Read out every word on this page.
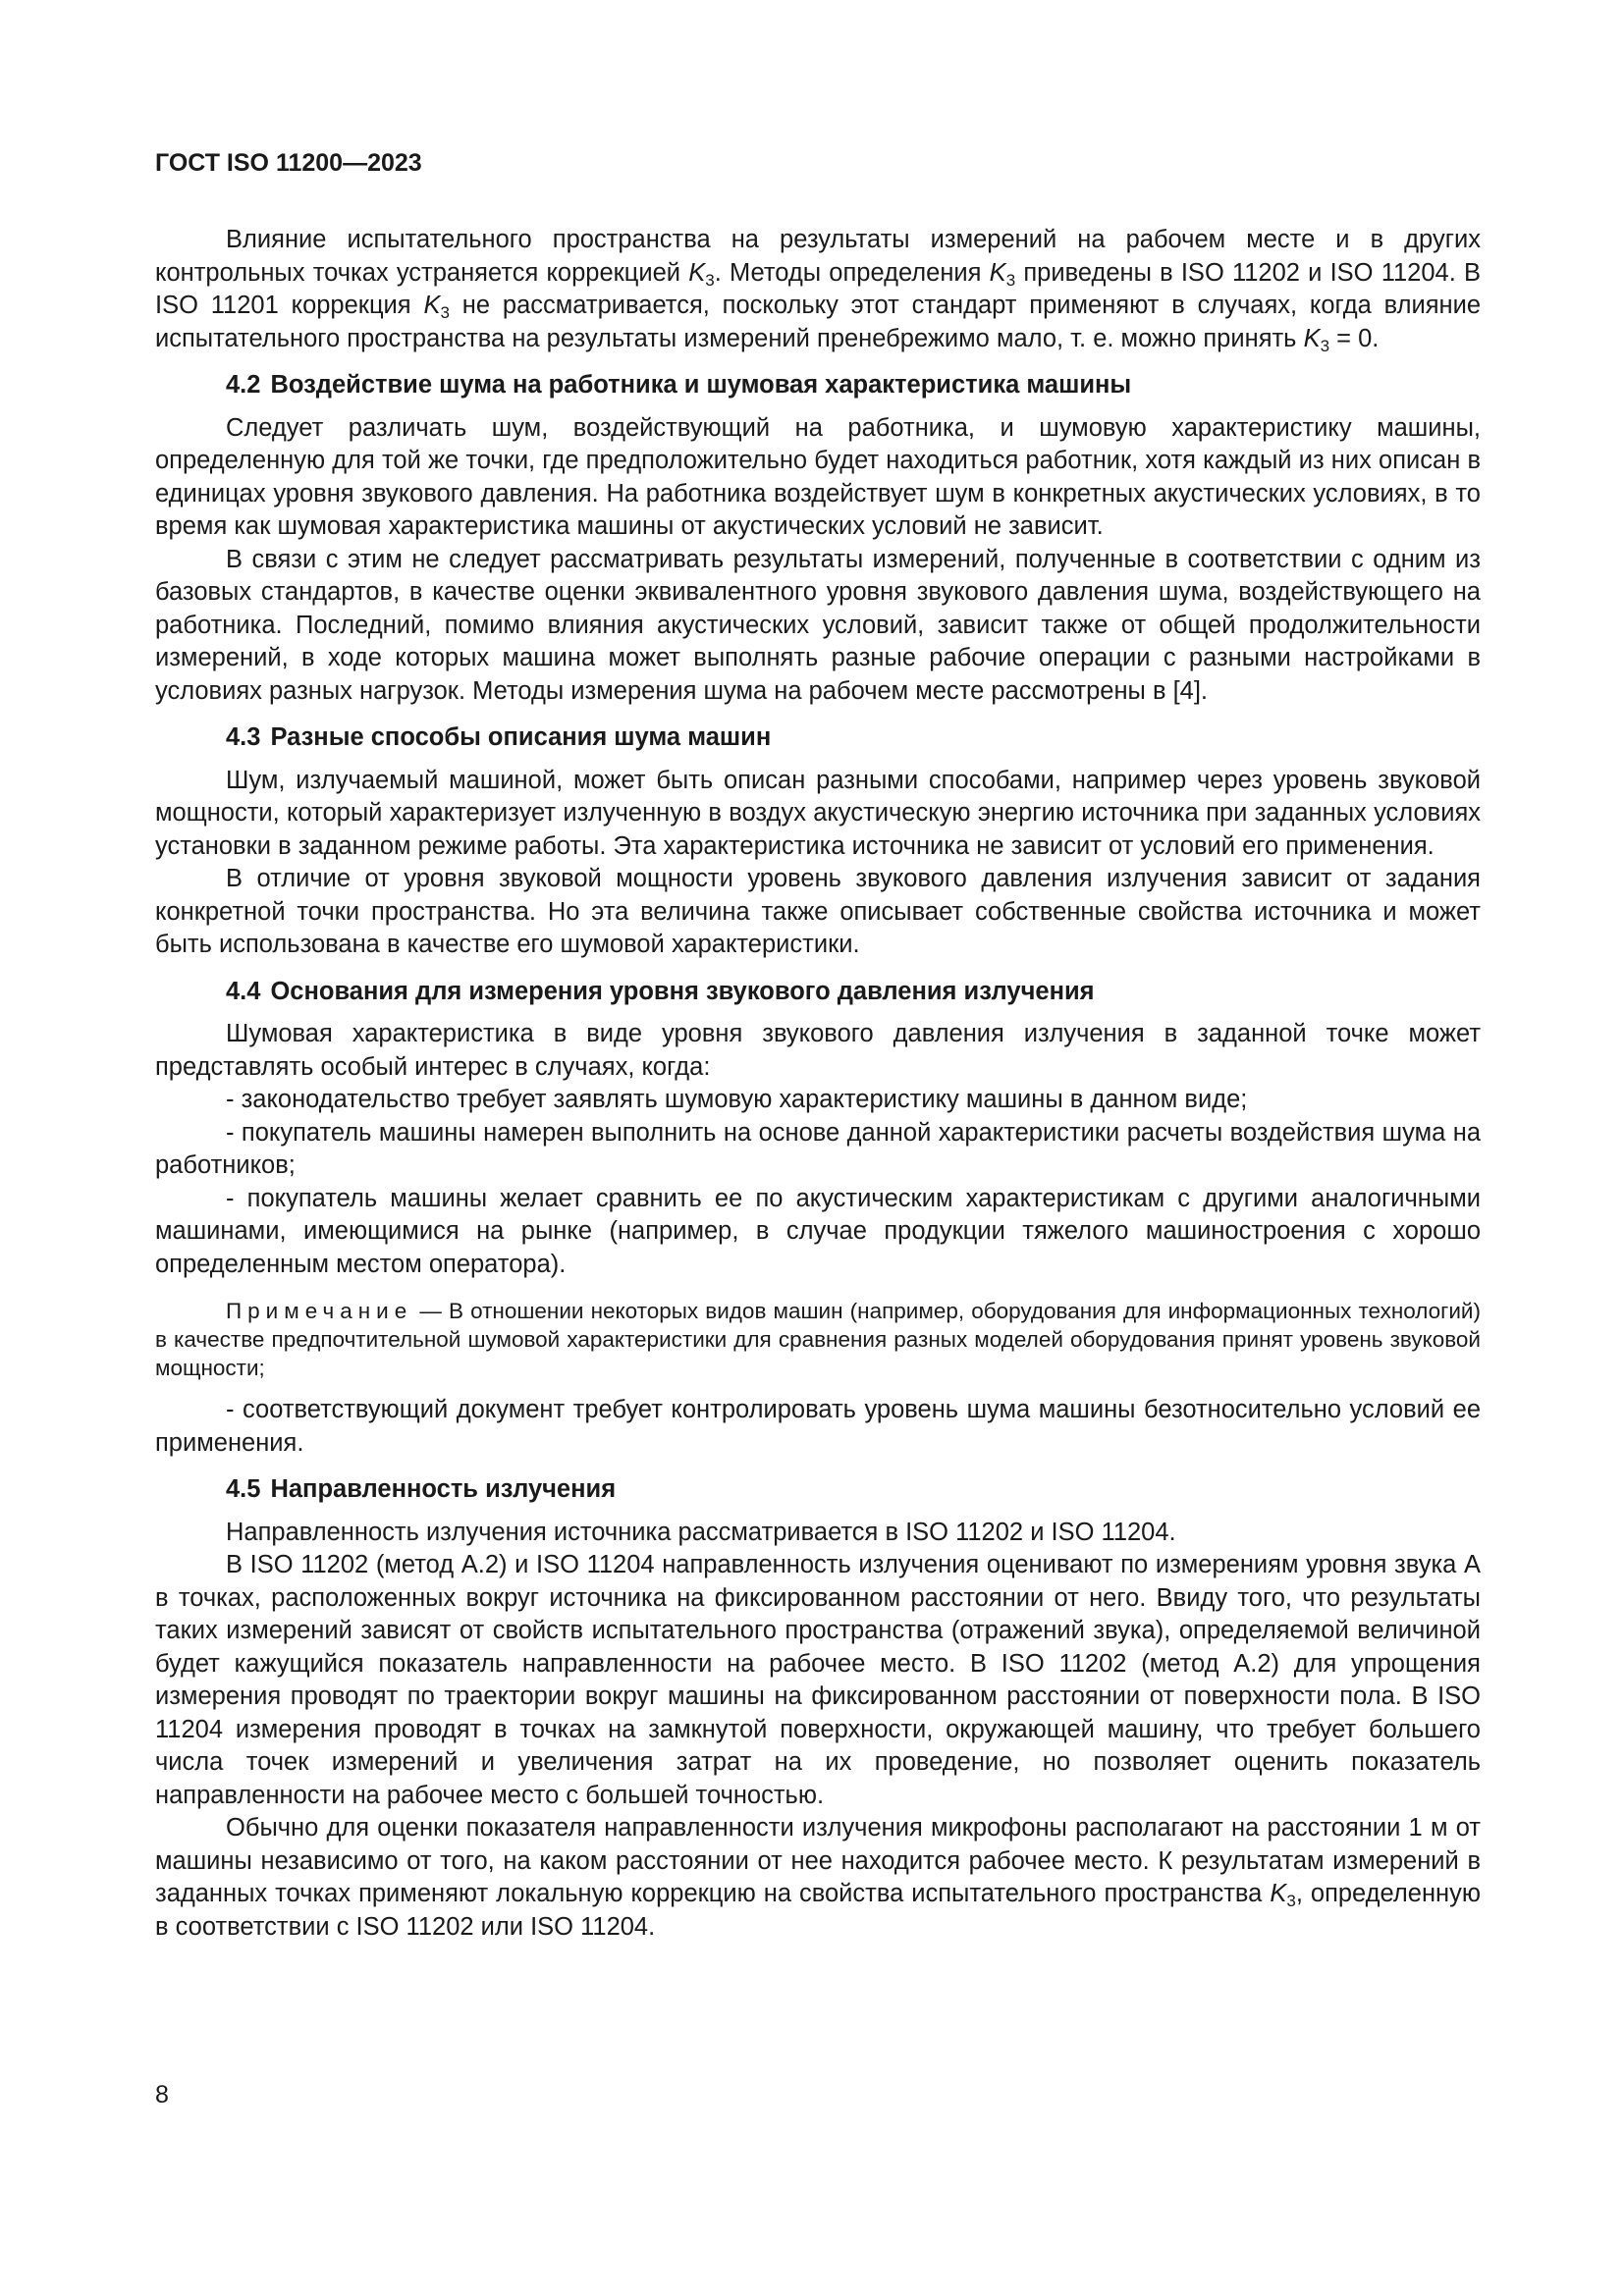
ГОСТ ISO 11200—2023

Влияние испытательного пространства на результаты измерений на рабочем месте и в других контрольных точках устраняется коррекцией $K_3$. Методы определения $K_3$ приведены в ISO 11202 и ISO 11204. В ISO 11201 коррекция $K_3$ не рассматривается, поскольку этот стандарт применяют в случаях, когда влияние испытательного пространства на результаты измерений пренебрежимо мало, т. е. можно принять $K_3 = 0$.

4.2 Воздействие шума на работника и шумовая характеристика машины

Следует различать шум, воздействующий на работника, и шумовую характеристику машины, определенную для той же точки, где предположительно будет находиться работник, хотя каждый из них описан в единицах уровня звукового давления. На работника воздействует шум в конкретных акустических условиях, в то время как шумовая характеристика машины от акустических условий не зависит.

В связи с этим не следует рассматривать результаты измерений, полученные в соответствии с одним из базовых стандартов, в качестве оценки эквивалентного уровня звукового давления шума, воздействующего на работника. Последний, помимо влияния акустических условий, зависит также от общей продолжительности измерений, в ходе которых машина может выполнять разные рабочие операции с разными настройками в условиях разных нагрузок. Методы измерения шума на рабочем месте рассмотрены в [4].

4.3 Разные способы описания шума машин

Шум, излучаемый машиной, может быть описан разными способами, например через уровень звуковой мощности, который характеризует излученную в воздух акустическую энергию источника при заданных условиях установки в заданном режиме работы. Эта характеристика источника не зависит от условий его применения.

В отличие от уровня звуковой мощности уровень звукового давления излучения зависит от задания конкретной точки пространства. Но эта величина также описывает собственные свойства источника и может быть использована в качестве его шумовой характеристики.

4.4 Основания для измерения уровня звукового давления излучения

Шумовая характеристика в виде уровня звукового давления излучения в заданной точке может представлять особый интерес в случаях, когда:

- законодательство требует заявлять шумовую характеристику машины в данном виде;

- покупатель машины намерен выполнить на основе данной характеристики расчеты воздействия шума на работников;

- покупатель машины желает сравнить ее по акустическим характеристикам с другими аналогичными машинами, имеющимися на рынке (например, в случае продукции тяжелого машиностроения с хорошо определенным местом оператора).

Примечание — В отношении некоторых видов машин (например, оборудования для информационных технологий) в качестве предпочтительной шумовой характеристики для сравнения разных моделей оборудования принят уровень звуковой мощности;

- соответствующий документ требует контролировать уровень шума машины безотносительно условий ее применения.

4.5 Направленность излучения

Направленность излучения источника рассматривается в ISO 11202 и ISO 11204.

В ISO 11202 (метод А.2) и ISO 11204 направленность излучения оценивают по измерениям уровня звука А в точках, расположенных вокруг источника на фиксированном расстоянии от него. Ввиду того, что результаты таких измерений зависят от свойств испытательного пространства (отражений звука), определяемой величиной будет кажущийся показатель направленности на рабочее место. В ISO 11202 (метод А.2) для упрощения измерения проводят по траектории вокруг машины на фиксированном расстоянии от поверхности пола. В ISO 11204 измерения проводят в точках на замкнутой поверхности, окружающей машину, что требует большего числа точек измерений и увеличения затрат на их проведение, но позволяет оценить показатель направленности на рабочее место с большей точностью.

Обычно для оценки показателя направленности излучения микрофоны располагают на расстоянии 1 м от машины независимо от того, на каком расстоянии от нее находится рабочее место. К результатам измерений в заданных точках применяют локальную коррекцию на свойства испытательного пространства $K_3$, определенную в соответствии с ISO 11202 или ISO 11204.

8
